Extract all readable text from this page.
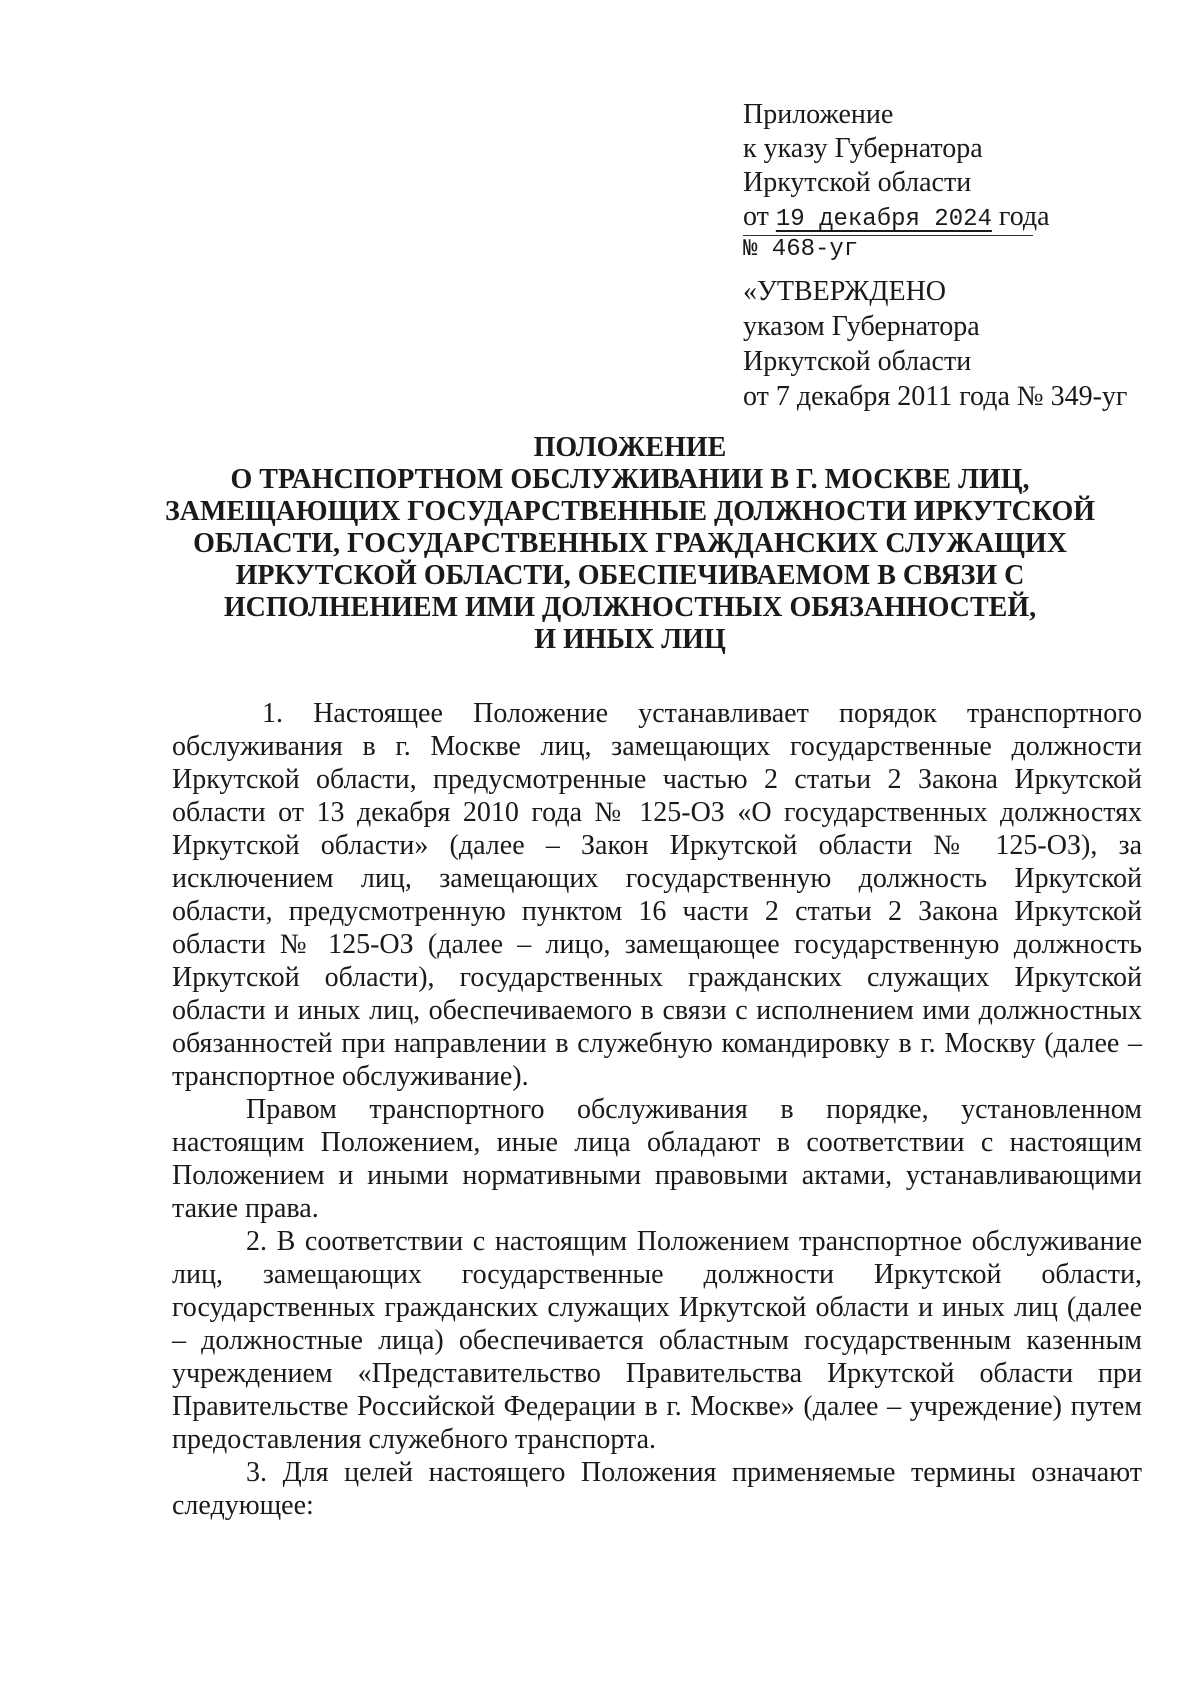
Приложение
к указу Губернатора
Иркутской области
от 19 декабря 2024 года
№ 468-уг
«УТВЕРЖДЕНО
указом Губернатора
Иркутской области
от 7 декабря 2011 года № 349-уг
ПОЛОЖЕНИЕ
О ТРАНСПОРТНОМ ОБСЛУЖИВАНИИ В Г. МОСКВЕ ЛИЦ,
ЗАМЕЩАЮЩИХ ГОСУДАРСТВЕННЫЕ ДОЛЖНОСТИ ИРКУТСКОЙ
ОБЛАСТИ, ГОСУДАРСТВЕННЫХ ГРАЖДАНСКИХ СЛУЖАЩИХ
ИРКУТСКОЙ ОБЛАСТИ, ОБЕСПЕЧИВАЕМОМ В СВЯЗИ С
ИСПОЛНЕНИЕМ ИМИ ДОЛЖНОСТНЫХ ОБЯЗАННОСТЕЙ,
И ИНЫХ ЛИЦ

1. Настоящее Положение устанавливает порядок транспортного обслуживания в г. Москве лиц, замещающих государственные должности Иркутской области, предусмотренные частью 2 статьи 2 Закона Иркутской области от 13 декабря 2010 года № 125-ОЗ «О государственных должностях Иркутской области» (далее – Закон Иркутской области № 125-ОЗ), за исключением лиц, замещающих государственную должность Иркутской области, предусмотренную пунктом 16 части 2 статьи 2 Закона Иркутской области № 125-ОЗ (далее – лицо, замещающее государственную должность Иркутской области), государственных гражданских служащих Иркутской области и иных лиц, обеспечиваемого в связи с исполнением ими должностных обязанностей при направлении в служебную командировку в г. Москву (далее – транспортное обслуживание).

Правом транспортного обслуживания в порядке, установленном настоящим Положением, иные лица обладают в соответствии с настоящим Положением и иными нормативными правовыми актами, устанавливающими такие права.

2. В соответствии с настоящим Положением транспортное обслуживание лиц, замещающих государственные должности Иркутской области, государственных гражданских служащих Иркутской области и иных лиц (далее – должностные лица) обеспечивается областным государственным казенным учреждением «Представительство Правительства Иркутской области при Правительстве Российской Федерации в г. Москве» (далее – учреждение) путем предоставления служебного транспорта.

3. Для целей настоящего Положения применяемые термины означают следующее:
